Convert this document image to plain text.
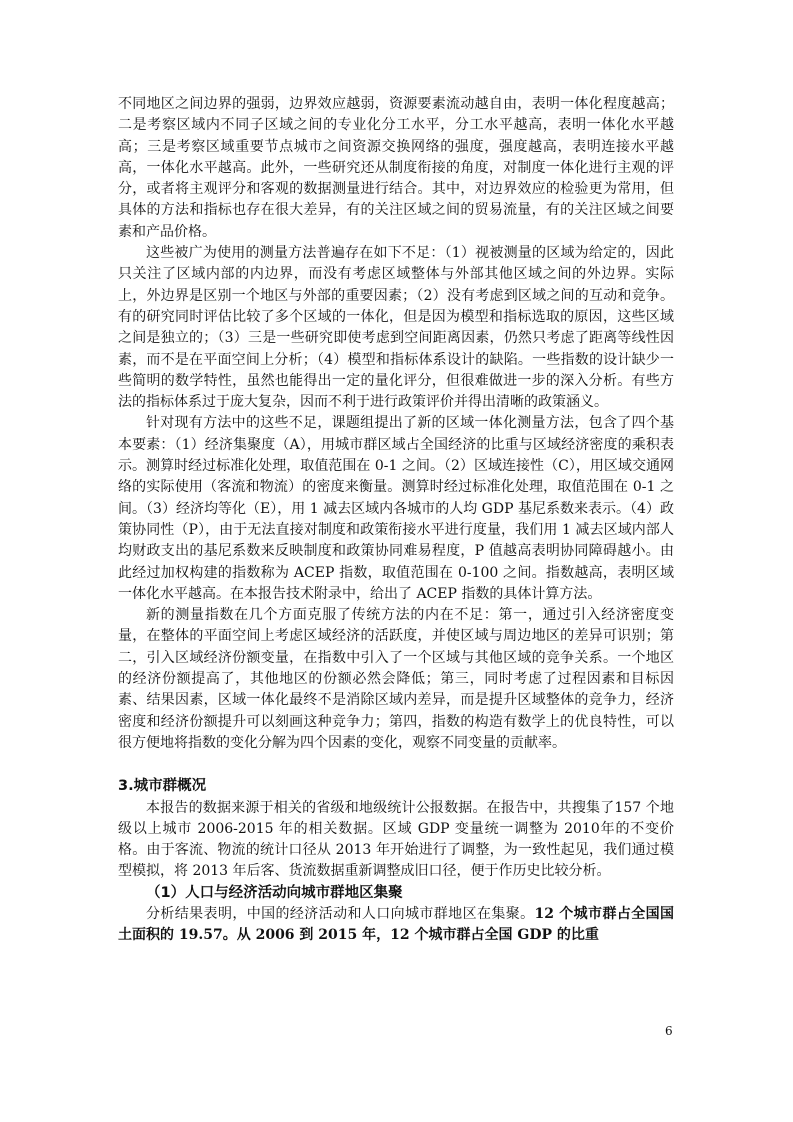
不同地区之间边界的强弱，边界效应越弱，资源要素流动越自由，表明一体化程度越高；二是考察区域内不同子区域之间的专业化分工水平，分工水平越高，表明一体化水平越高；三是考察区域重要节点城市之间资源交换网络的强度，强度越高，表明连接水平越高，一体化水平越高。此外，一些研究还从制度衔接的角度，对制度一体化进行主观的评分，或者将主观评分和客观的数据测量进行结合。其中，对边界效应的检验更为常用，但具体的方法和指标也存在很大差异，有的关注区域之间的贸易流量，有的关注区域之间要素和产品价格。

这些被广为使用的测量方法普遍存在如下不足：（1）视被测量的区域为给定的，因此只关注了区域内部的内边界，而没有考虑区域整体与外部其他区域之间的外边界。实际上，外边界是区别一个地区与外部的重要因素；（2）没有考虑到区域之间的互动和竞争。有的研究同时评估比较了多个区域的一体化，但是因为模型和指标选取的原因，这些区域之间是独立的；（3）三是一些研究即使考虑到空间距离因素，仍然只考虑了距离等线性因素，而不是在平面空间上分析；（4）模型和指标体系设计的缺陷。一些指数的设计缺少一些简明的数学特性，虽然也能得出一定的量化评分，但很难做进一步的深入分析。有些方法的指标体系过于庞大复杂，因而不利于进行政策评价并得出清晰的政策涵义。

针对现有方法中的这些不足，课题组提出了新的区域一体化测量方法，包含了四个基本要素：（1）经济集聚度（A），用城市群区域占全国经济的比重与区域经济密度的乘积表示。测算时经过标准化处理，取值范围在 0-1 之间。（2）区域连接性（C），用区域交通网络的实际使用（客流和物流）的密度来衡量。测算时经过标准化处理，取值范围在 0-1 之间。（3）经济均等化（E），用 1 减去区域内各城市的人均 GDP 基尼系数来表示。（4）政策协同性（P），由于无法直接对制度和政策衔接水平进行度量，我们用 1 减去区域内部人均财政支出的基尼系数来反映制度和政策协同难易程度，P 值越高表明协同障碍越小。由此经过加权构建的指数称为 ACEP 指数，取值范围在 0-100 之间。指数越高，表明区域一体化水平越高。在本报告技术附录中，给出了 ACEP 指数的具体计算方法。

新的测量指数在几个方面克服了传统方法的内在不足：第一，通过引入经济密度变量，在整体的平面空间上考虑区域经济的活跃度，并使区域与周边地区的差异可识别；第二，引入区域经济份额变量，在指数中引入了一个区域与其他区域的竞争关系。一个地区的经济份额提高了，其他地区的份额必然会降低；第三，同时考虑了过程因素和目标因素、结果因素，区域一体化最终不是消除区域内差异，而是提升区域整体的竞争力，经济密度和经济份额提升可以刻画这种竞争力；第四，指数的构造有数学上的优良特性，可以很方便地将指数的变化分解为四个因素的变化，观察不同变量的贡献率。

3.城市群概况

本报告的数据来源于相关的省级和地级统计公报数据。在报告中，共搜集了157 个地级以上城市 2006-2015 年的相关数据。区域 GDP 变量统一调整为 2010年的不变价格。由于客流、物流的统计口径从 2013 年开始进行了调整，为一致性起见，我们通过模型模拟，将 2013 年后客、货流数据重新调整成旧口径，便于作历史比较分析。

（1）人口与经济活动向城市群地区集聚

分析结果表明，中国的经济活动和人口向城市群地区在集聚。12 个城市群占全国国土面积的 19.57。从 2006 到 2015 年，12 个城市群占全国 GDP 的比重

6
